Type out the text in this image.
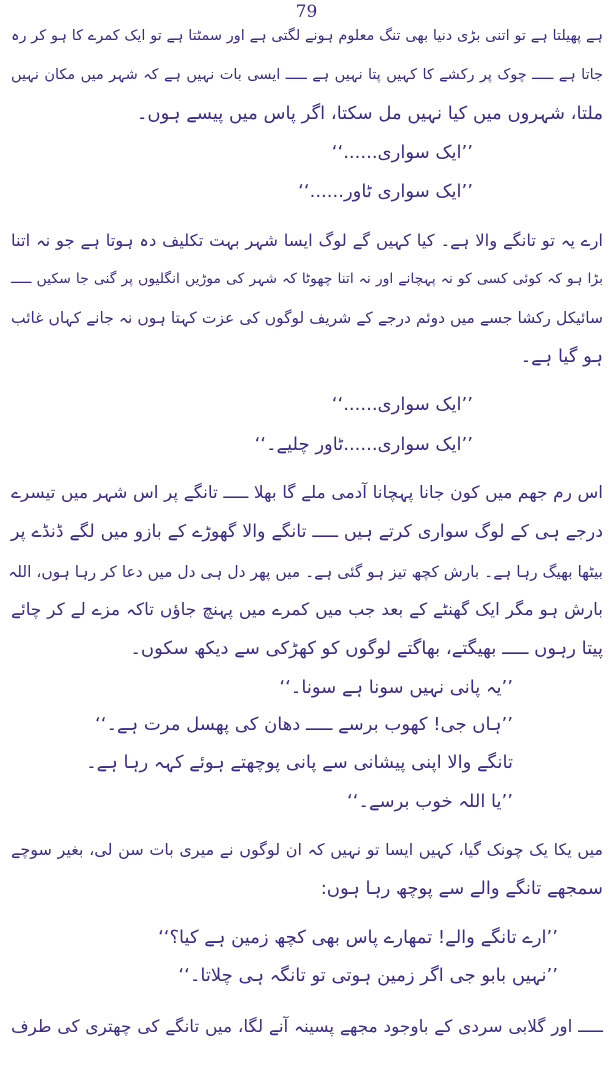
79
ہے پھیلتا ہے تو اتنی بڑی دنیا بھی تنگ معلوم ہونے لگتی ہے اور سمٹتا ہے تو ایک کمرے کا ہو کر رہ
جاتا ہے ـــــ چوک پر رکشے کا کہیں پتا نہیں ہے ـــــ ایسی بات نہیں ہے کہ شہر میں مکان نہیں
ملتا، شہروں میں کیا نہیں مل سکتا، اگر پاس میں پیسے ہوں۔
’’ایک سواری......‘‘
’’ایک سواری ٹاور......‘‘
ارے یہ تو تانگے والا ہے۔ کیا کہیں گے لوگ ایسا شہر بہت تکلیف دہ ہوتا ہے جو نہ اتنا
بڑا ہو کہ کوئی کسی کو نہ پہچانے اور نہ اتنا چھوٹا کہ شہر کی موڑیں انگلیوں پر گنی جا سکیں ـــــ
سائیکل رکشا جسے میں دوئم درجے کے شریف لوگوں کی عزت کہتا ہوں نہ جانے کہاں غائب
ہو گیا ہے۔
’’ایک سواری......‘‘
’’ایک سواری......ٹاور چلیے۔‘‘
اس رم جھم میں کون جانا پہچانا آدمی ملے گا بھلا ـــــ تانگے پر اس شہر میں تیسرے
درجے ہی کے لوگ سواری کرتے ہیں ـــــ تانگے والا گھوڑے کے بازو میں لگے ڈنڈے پر
بیٹھا بھیگ رہا ہے۔ بارش کچھ تیز ہو گئی ہے۔ میں پھر دل ہی دل میں دعا کر رہا ہوں، اللہ
بارش ہو مگر ایک گھنٹے کے بعد جب میں کمرے میں پہنچ جاؤں تاکہ مزے لے کر چائے
پیتا رہوں ـــــ بھیگتے، بھاگتے لوگوں کو کھڑکی سے دیکھ سکوں۔
’’یہ پانی نہیں سونا ہے سونا۔‘‘
’’ہاں جی! کھوب برسے ـــــ دھان کی پھسل مرت ہے۔‘‘
تانگے والا اپنی پیشانی سے پانی پوچھتے ہوئے کہہ رہا ہے۔
’’یا اللہ خوب برسے۔‘‘
میں یکا یک چونک گیا، کہیں ایسا تو نہیں کہ ان لوگوں نے میری بات سن لی، بغیر سوچے
سمجھے تانگے والے سے پوچھ رہا ہوں:
’’ارے تانگے والے! تمھارے پاس بھی کچھ زمین ہے کیا؟‘‘
’’نہیں بابو جی اگر زمین ہوتی تو تانگہ ہی چلاتا۔‘‘
ـــــ اور گلابی سردی کے باوجود مجھے پسینہ آنے لگا، میں تانگے کی چھتری کی طرف
